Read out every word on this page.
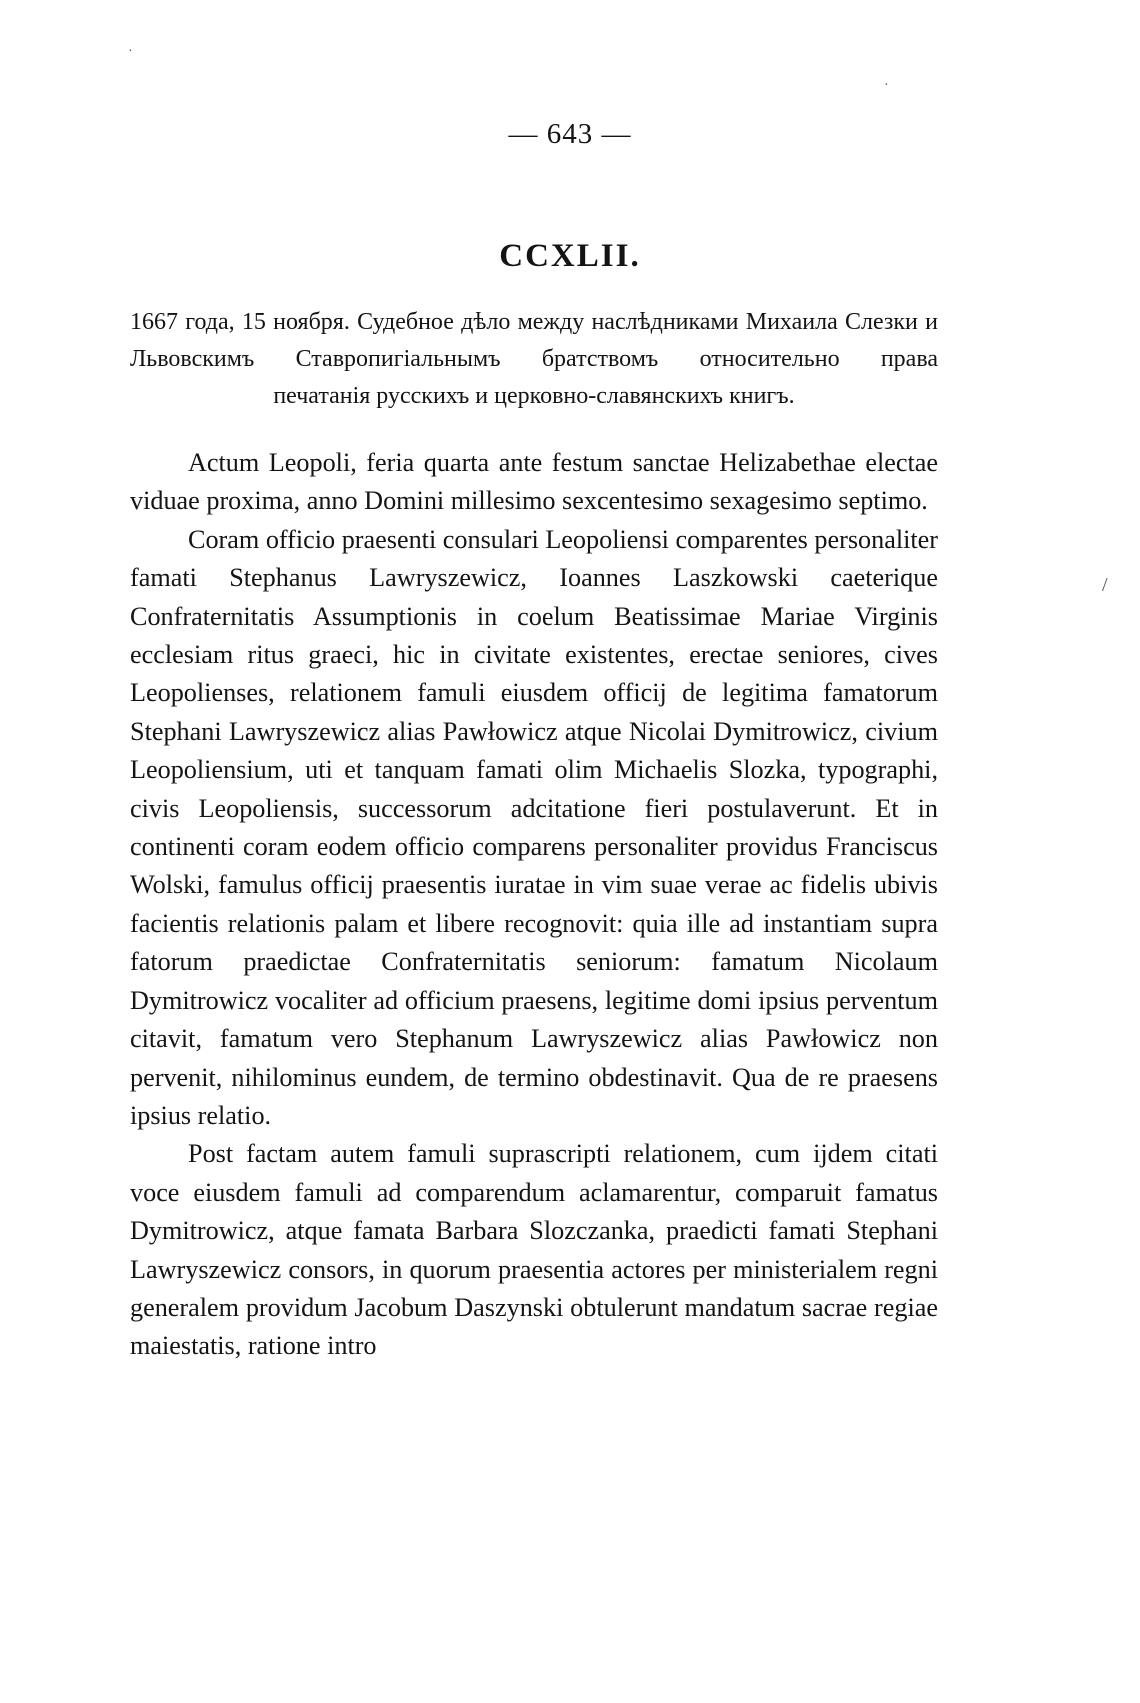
·
·
/
— 643 —
CCXLII.
1667 года, 15 ноября. Судебное дѣло между наслѣдниками Михаила Слезки и Львовскимъ Ставропигіальнымъ братствомъ относительно права
печатанія русскихъ и церковно-славянскихъ книгъ.

Actum Leopoli, feria quarta ante festum sanctae Helizabethae electae viduae proxima, anno Domini millesimo sexcentesimo sexagesimo septimo.

Coram officio praesenti consulari Leopoliensi comparentes personaliter famati Stephanus Lawryszewicz, Ioannes Laszkowski caeterique Confraternitatis Assumptionis in coelum Beatissimae Mariae Virginis ecclesiam ritus graeci, hic in civitate existentes, erectae seniores, cives Leopolienses, relationem famuli eiusdem officij de legitima famatorum Stephani Lawryszewicz alias Pawłowicz atque Nicolai Dymitrowicz, civium Leopoliensium, uti et tanquam famati olim Michaelis Slozka, typographi, civis Leopoliensis, successorum adcitatione fieri postulaverunt. Et in continenti coram eodem officio comparens personaliter providus Franciscus Wolski, famulus officij praesentis iuratae in vim suae verae ac fidelis ubivis facientis relationis palam et libere recognovit: quia ille ad instantiam supra fatorum praedictae Confraternitatis seniorum: famatum Nicolaum Dymitrowicz vocaliter ad officium praesens, legitime domi ipsius perventum citavit, famatum vero Stephanum Lawryszewicz alias Pawłowicz non pervenit, nihilominus eundem, de termino obdestinavit. Qua de re praesens ipsius relatio.

Post factam autem famuli suprascripti relationem, cum ijdem citati voce eiusdem famuli ad comparendum aclamarentur, comparuit famatus Dymitrowicz, atque famata Barbara Slozczanka, praedicti famati Stephani Lawryszewicz consors, in quorum praesentia actores per ministerialem regni generalem providum Jacobum Daszynski obtulerunt mandatum sacrae regiae maiestatis, ratione intro
